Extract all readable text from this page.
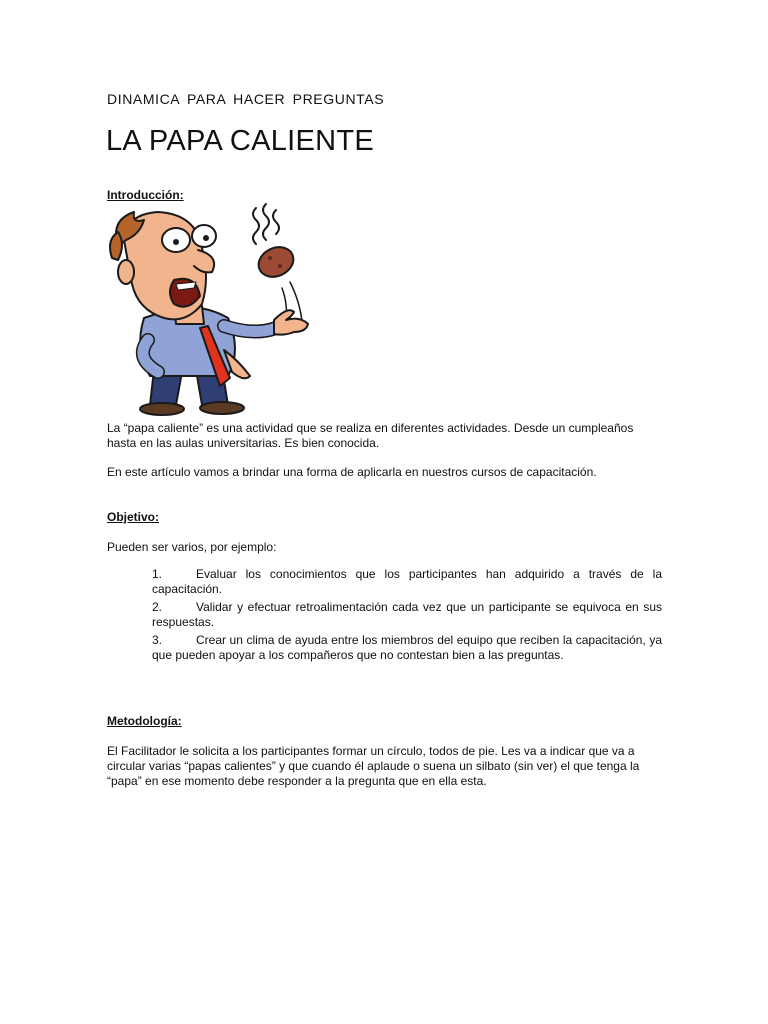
DINAMICA PARA HACER PREGUNTAS
LA PAPA CALIENTE
Introducción:
La “papa caliente” es una actividad que se realiza en diferentes actividades. Desde un cumpleaños hasta en las aulas universitarias. Es bien conocida.
En este artículo vamos a brindar una forma de aplicarla en nuestros cursos de capacitación.
Objetivo:
Pueden ser varios, por ejemplo:
1.	Evaluar los conocimientos que los participantes han adquirido a través de la capacitación.
2.	Validar y efectuar retroalimentación cada vez que un participante se equivoca en sus respuestas.
3.	Crear un clima de ayuda entre los miembros del equipo que reciben la capacitación, ya que pueden apoyar a los compañeros que no contestan bien a las preguntas.
Metodología:
El Facilitador le solicita a los participantes formar un círculo, todos de pie. Les va a indicar que va a circular varias “papas calientes” y que cuando él aplaude o suena un silbato (sin ver) el que tenga la “papa” en ese momento debe responder a la pregunta que en ella esta.
